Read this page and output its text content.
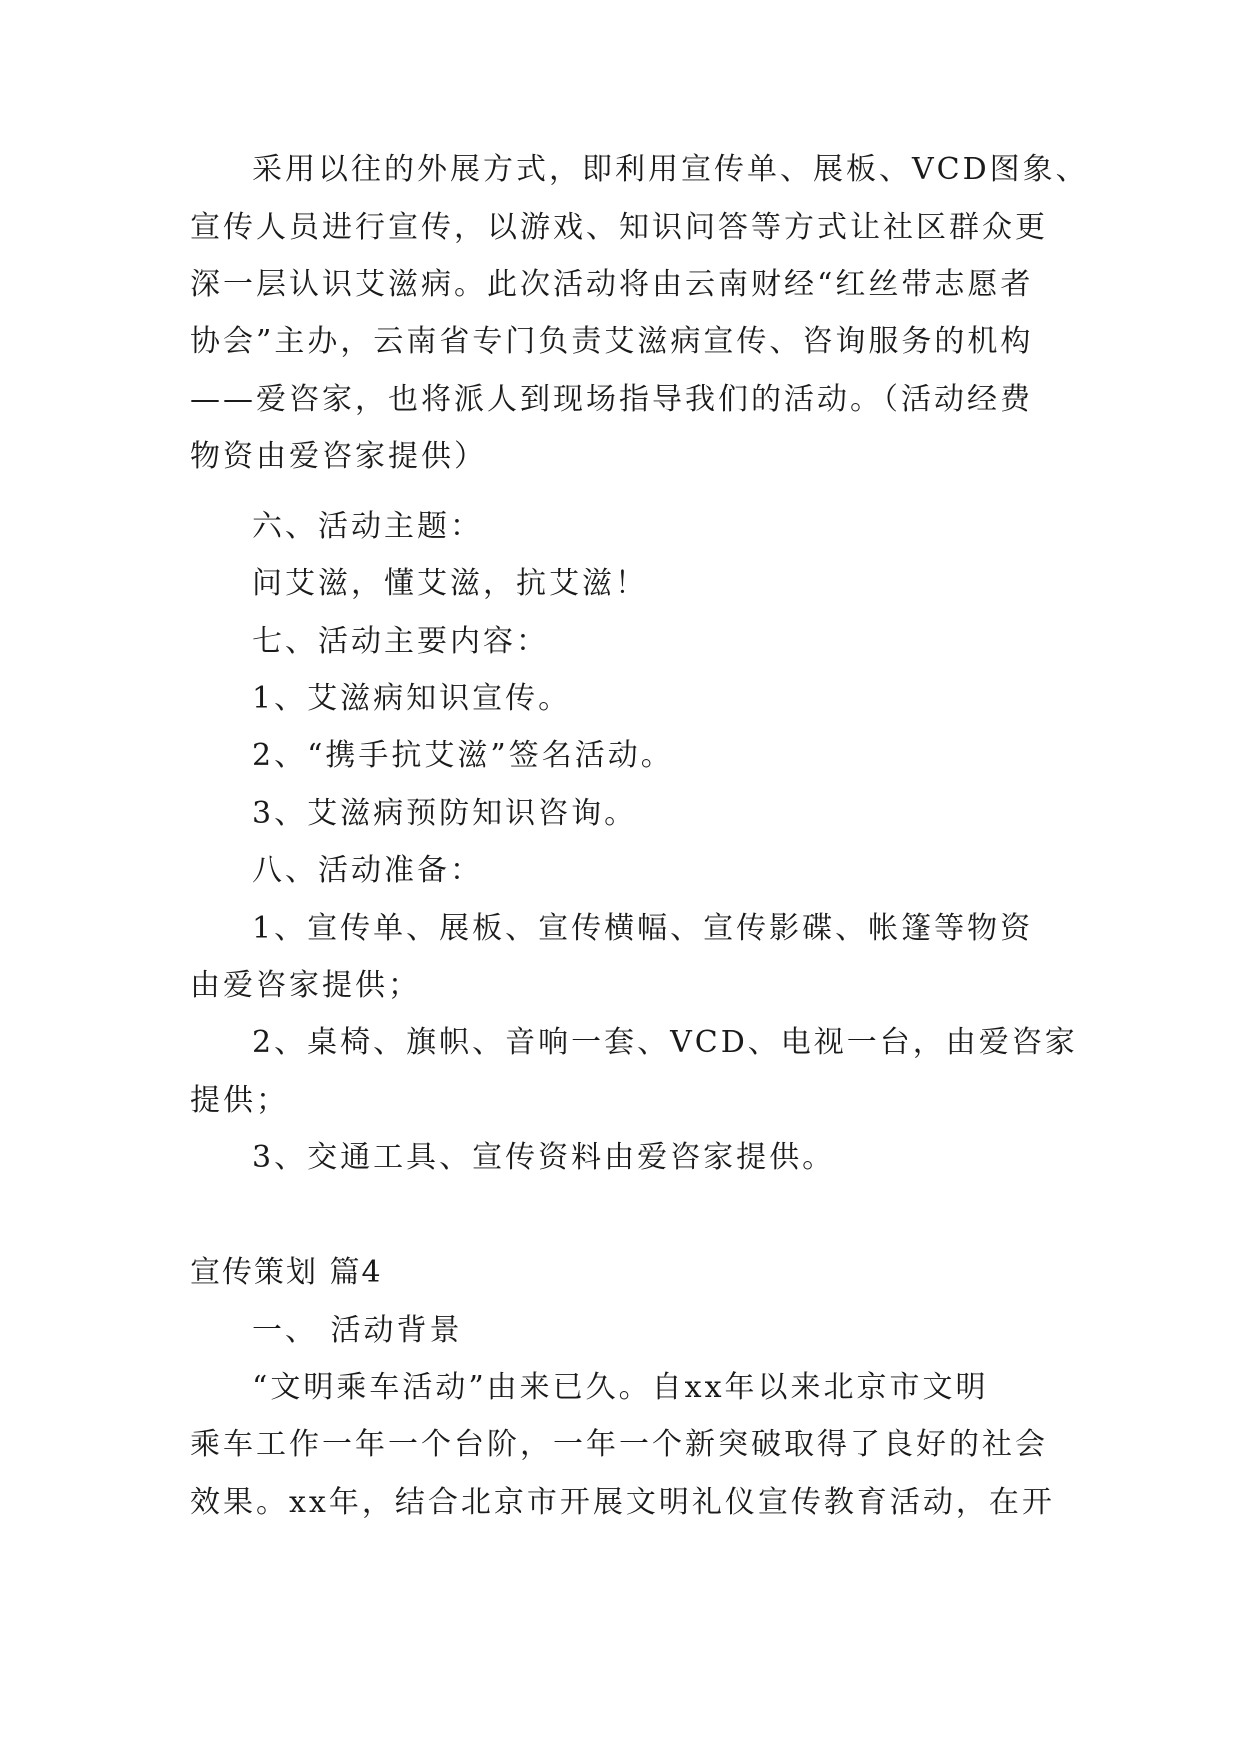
采用以往的外展方式，即利用宣传单、展板、VCD图象、
宣传人员进行宣传，以游戏、知识问答等方式让社区群众更
深一层认识艾滋病。此次活动将由云南财经“红丝带志愿者
协会”主办，云南省专门负责艾滋病宣传、咨询服务的机构
——爱咨家，也将派人到现场指导我们的活动。（活动经费
物资由爱咨家提供）
六、活动主题：
问艾滋，懂艾滋，抗艾滋！
七、活动主要内容：
1、艾滋病知识宣传。
2、“携手抗艾滋”签名活动。
3、艾滋病预防知识咨询。
八、活动准备：
1、宣传单、展板、宣传横幅、宣传影碟、帐篷等物资
由爱咨家提供；
2、桌椅、旗帜、音响一套、VCD、电视一台，由爱咨家
提供；
3、交通工具、宣传资料由爱咨家提供。
宣传策划 篇4
一、 活动背景
“文明乘车活动”由来已久。自xx年以来北京市文明
乘车工作一年一个台阶，一年一个新突破取得了良好的社会
效果。xx年，结合北京市开展文明礼仪宣传教育活动，在开
